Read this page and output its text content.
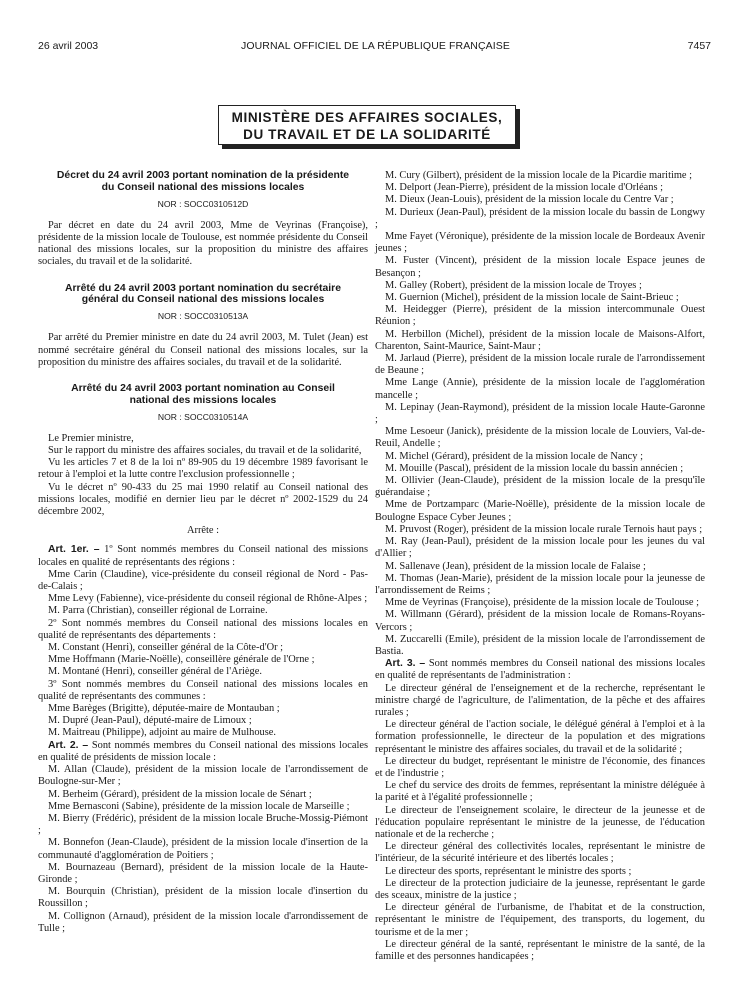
26 avril 2003	JOURNAL OFFICIEL DE LA RÉPUBLIQUE FRANÇAISE	7457
MINISTÈRE DES AFFAIRES SOCIALES,
DU TRAVAIL ET DE LA SOLIDARITÉ

Décret du 24 avril 2003 portant nomination de la présidente du Conseil national des missions locales

NOR : SOCC0310512D

Par décret en date du 24 avril 2003, Mme de Veyrinas (Françoise), présidente de la mission locale de Toulouse, est nommée présidente du Conseil national des missions locales, sur la proposition du ministre des affaires sociales, du travail et de la solidarité.

Arrêté du 24 avril 2003 portant nomination du secrétaire général du Conseil national des missions locales

NOR : SOCC0310513A

Par arrêté du Premier ministre en date du 24 avril 2003, M. Tulet (Jean) est nommé secrétaire général du Conseil national des missions locales, sur la proposition du ministre des affaires sociales, du travail et de la solidarité.

Arrêté du 24 avril 2003 portant nomination au Conseil national des missions locales

NOR : SOCC0310514A

Le Premier ministre,

Sur le rapport du ministre des affaires sociales, du travail et de la solidarité,

Vu les articles 7 et 8 de la loi nº 89-905 du 19 décembre 1989 favorisant le retour à l'emploi et la lutte contre l'exclusion professionnelle ;

Vu le décret nº 90-433 du 25 mai 1990 relatif au Conseil national des missions locales, modifié en dernier lieu par le décret nº 2002-1529 du 24 décembre 2002,

Arrête :

Art. 1er. – 1º Sont nommés membres du Conseil national des missions locales en qualité de représentants des régions :

Mme Carin (Claudine), vice-présidente du conseil régional de Nord - Pas-de-Calais ;

Mme Levy (Fabienne), vice-présidente du conseil régional de Rhône-Alpes ;

M. Parra (Christian), conseiller régional de Lorraine.

2º Sont nommés membres du Conseil national des missions locales en qualité de représentants des départements :

M. Constant (Henri), conseiller général de la Côte-d'Or ;

Mme Hoffmann (Marie-Noëlle), conseillère générale de l'Orne ;

M. Montané (Henri), conseiller général de l'Ariège.

3º Sont nommés membres du Conseil national des missions locales en qualité de représentants des communes :

Mme Barèges (Brigitte), députée-maire de Montauban ;

M. Dupré (Jean-Paul), député-maire de Limoux ;

M. Maitreau (Philippe), adjoint au maire de Mulhouse.

Art. 2. – Sont nommés membres du Conseil national des missions locales en qualité de présidents de mission locale :

M. Allan (Claude), président de la mission locale de l'arrondissement de Boulogne-sur-Mer ;

M. Berheim (Gérard), président de la mission locale de Sénart ;

Mme Bernasconi (Sabine), présidente de la mission locale de Marseille ;

M. Bierry (Frédéric), président de la mission locale Bruche-Mossig-Piémont ;

M. Bonnefon (Jean-Claude), président de la mission locale d'insertion de la communauté d'agglomération de Poitiers ;

M. Bournazeau (Bernard), président de la mission locale de la Haute-Gironde ;

M. Bourquin (Christian), président de la mission locale d'insertion du Roussillon ;

M. Collignon (Arnaud), président de la mission locale d'arrondissement de Tulle ;

M. Cury (Gilbert), président de la mission locale de la Picardie maritime ;

M. Delport (Jean-Pierre), président de la mission locale d'Orléans ;

M. Dieux (Jean-Louis), président de la mission locale du Centre Var ;

M. Durieux (Jean-Paul), président de la mission locale du bassin de Longwy ;

Mme Fayet (Véronique), présidente de la mission locale de Bordeaux Avenir jeunes ;

M. Fuster (Vincent), président de la mission locale Espace jeunes de Besançon ;

M. Galley (Robert), président de la mission locale de Troyes ;

M. Guernion (Michel), président de la mission locale de Saint-Brieuc ;

M. Heidegger (Pierre), président de la mission intercommunale Ouest Réunion ;

M. Herbillon (Michel), président de la mission locale de Maisons-Alfort, Charenton, Saint-Maurice, Saint-Maur ;

M. Jarlaud (Pierre), président de la mission locale rurale de l'arrondissement de Beaune ;

Mme Lange (Annie), présidente de la mission locale de l'agglomération mancelle ;

M. Lepinay (Jean-Raymond), président de la mission locale Haute-Garonne ;

Mme Lesoeur (Janick), présidente de la mission locale de Louviers, Val-de-Reuil, Andelle ;

M. Michel (Gérard), président de la mission locale de Nancy ;

M. Mouille (Pascal), président de la mission locale du bassin annécien ;

M. Ollivier (Jean-Claude), président de la mission locale de la presqu'île guérandaise ;

Mme de Portzamparc (Marie-Noëlle), présidente de la mission locale de Boulogne Espace Cyber Jeunes ;

M. Pruvost (Roger), président de la mission locale rurale Ternois haut pays ;

M. Ray (Jean-Paul), président de la mission locale pour les jeunes du val d'Allier ;

M. Sallenave (Jean), président de la mission locale de Falaise ;

M. Thomas (Jean-Marie), président de la mission locale pour la jeunesse de l'arrondissement de Reims ;

Mme de Veyrinas (Françoise), présidente de la mission locale de Toulouse ;

M. Willmann (Gérard), président de la mission locale de Romans-Royans-Vercors ;

M. Zuccarelli (Emile), président de la mission locale de l'arrondissement de Bastia.

Art. 3. – Sont nommés membres du Conseil national des missions locales en qualité de représentants de l'administration :

Le directeur général de l'enseignement et de la recherche, représentant le ministre chargé de l'agriculture, de l'alimentation, de la pêche et des affaires rurales ;

Le directeur général de l'action sociale, le délégué général à l'emploi et à la formation professionnelle, le directeur de la population et des migrations représentant le ministre des affaires sociales, du travail et de la solidarité ;

Le directeur du budget, représentant le ministre de l'économie, des finances et de l'industrie ;

Le chef du service des droits de femmes, représentant la ministre déléguée à la parité et à l'égalité professionnelle ;

Le directeur de l'enseignement scolaire, le directeur de la jeunesse et de l'éducation populaire représentant le ministre de la jeunesse, de l'éducation nationale et de la recherche ;

Le directeur général des collectivités locales, représentant le ministre de l'intérieur, de la sécurité intérieure et des libertés locales ;

Le directeur des sports, représentant le ministre des sports ;

Le directeur de la protection judiciaire de la jeunesse, représentant le garde des sceaux, ministre de la justice ;

Le directeur général de l'urbanisme, de l'habitat et de la construction, représentant le ministre de l'équipement, des transports, du logement, du tourisme et de la mer ;

Le directeur général de la santé, représentant le ministre de la santé, de la famille et des personnes handicapées ;
